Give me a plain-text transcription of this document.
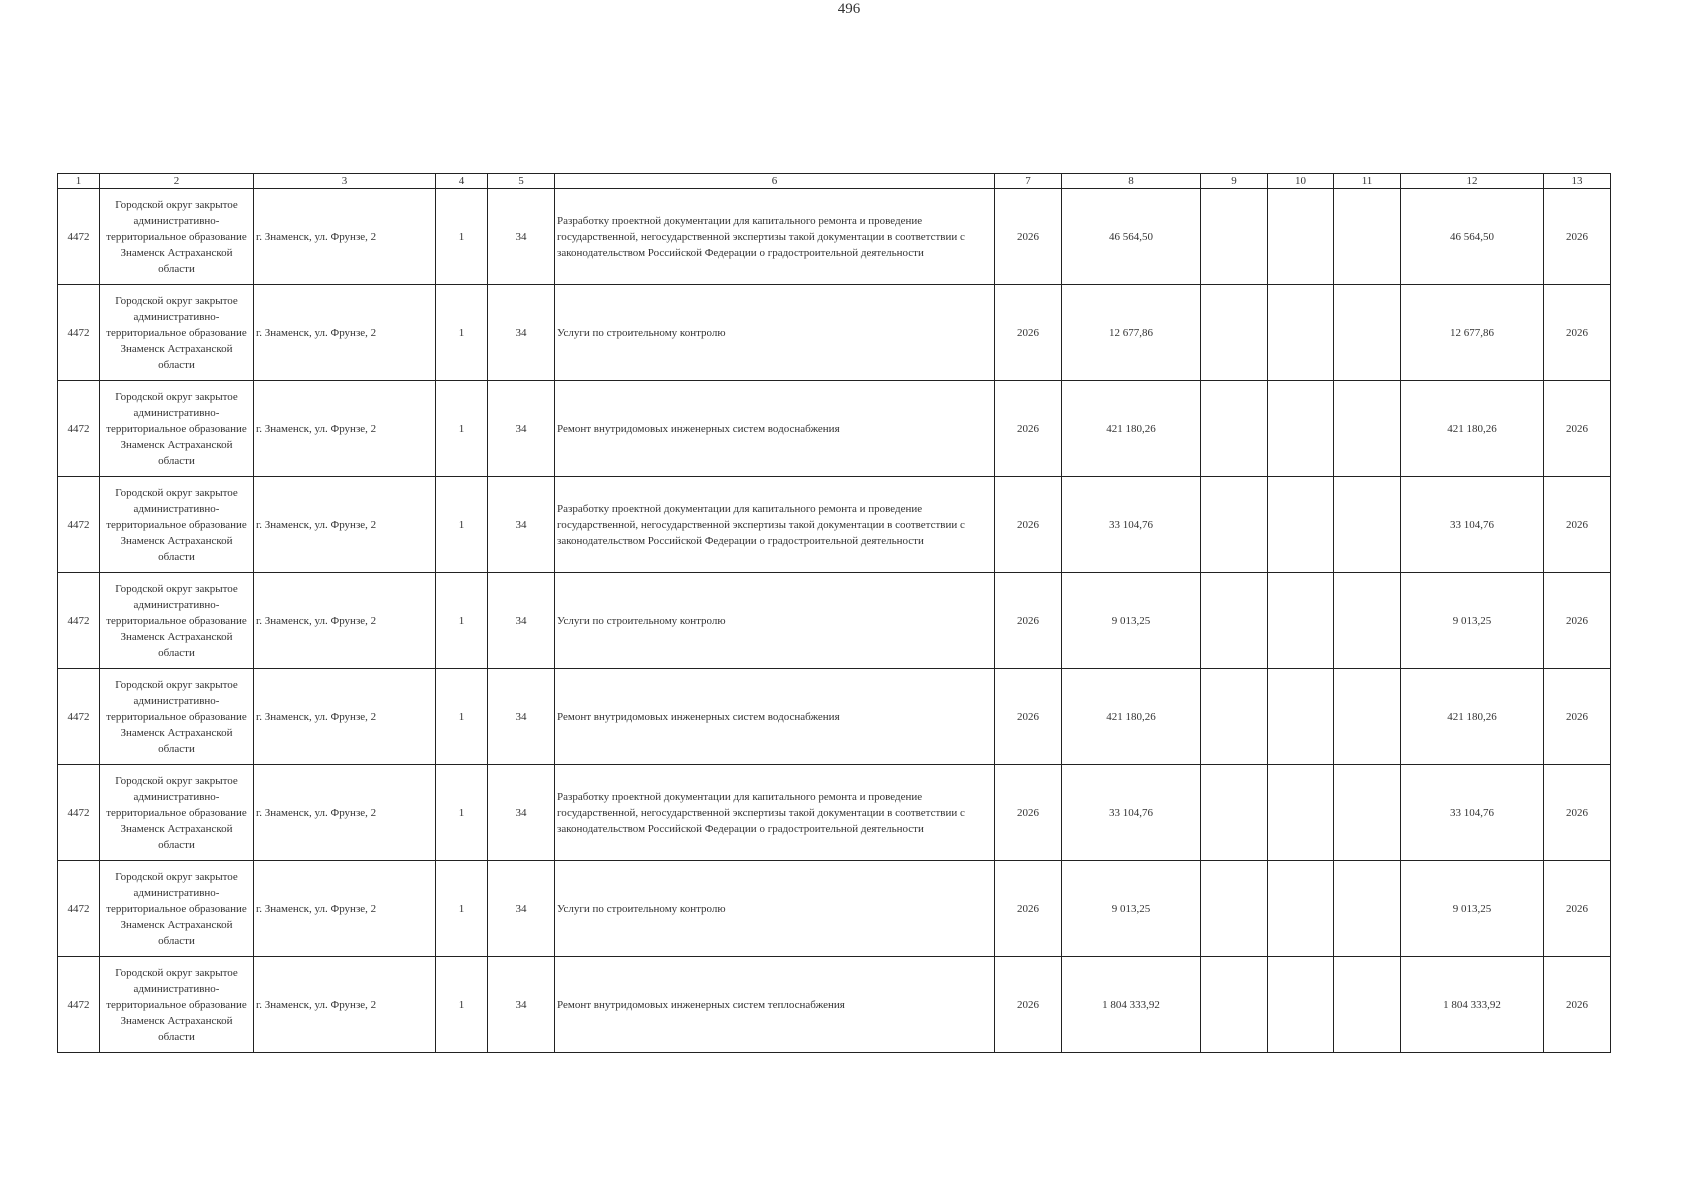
496
1	2	3	4	5	6	7	8	9	10	11	12	13
4472	Городской округ закрытое административно-территориальное образование Знаменск Астраханской области	г. Знаменск, ул. Фрунзе, 2	1	34	Разработку проектной документации для капитального ремонта и проведение государственной, негосударственной экспертизы такой документации в соответствии с законодательством Российской Федерации о градостроительной деятельности	2026	46 564,50				46 564,50	2026
4472	Городской округ закрытое административно-территориальное образование Знаменск Астраханской области	г. Знаменск, ул. Фрунзе, 2	1	34	Услуги по строительному контролю	2026	12 677,86				12 677,86	2026
4472	Городской округ закрытое административно-территориальное образование Знаменск Астраханской области	г. Знаменск, ул. Фрунзе, 2	1	34	Ремонт внутридомовых инженерных систем водоснабжения	2026	421 180,26				421 180,26	2026
4472	Городской округ закрытое административно-территориальное образование Знаменск Астраханской области	г. Знаменск, ул. Фрунзе, 2	1	34	Разработку проектной документации для капитального ремонта и проведение государственной, негосударственной экспертизы такой документации в соответствии с законодательством Российской Федерации о градостроительной деятельности	2026	33 104,76				33 104,76	2026
4472	Городской округ закрытое административно-территориальное образование Знаменск Астраханской области	г. Знаменск, ул. Фрунзе, 2	1	34	Услуги по строительному контролю	2026	9 013,25				9 013,25	2026
4472	Городской округ закрытое административно-территориальное образование Знаменск Астраханской области	г. Знаменск, ул. Фрунзе, 2	1	34	Ремонт внутридомовых инженерных систем водоснабжения	2026	421 180,26				421 180,26	2026
4472	Городской округ закрытое административно-территориальное образование Знаменск Астраханской области	г. Знаменск, ул. Фрунзе, 2	1	34	Разработку проектной документации для капитального ремонта и проведение государственной, негосударственной экспертизы такой документации в соответствии с законодательством Российской Федерации о градостроительной деятельности	2026	33 104,76				33 104,76	2026
4472	Городской округ закрытое административно-территориальное образование Знаменск Астраханской области	г. Знаменск, ул. Фрунзе, 2	1	34	Услуги по строительному контролю	2026	9 013,25				9 013,25	2026
4472	Городской округ закрытое административно-территориальное образование Знаменск Астраханской области	г. Знаменск, ул. Фрунзе, 2	1	34	Ремонт внутридомовых инженерных систем теплоснабжения	2026	1 804 333,92				1 804 333,92	2026
